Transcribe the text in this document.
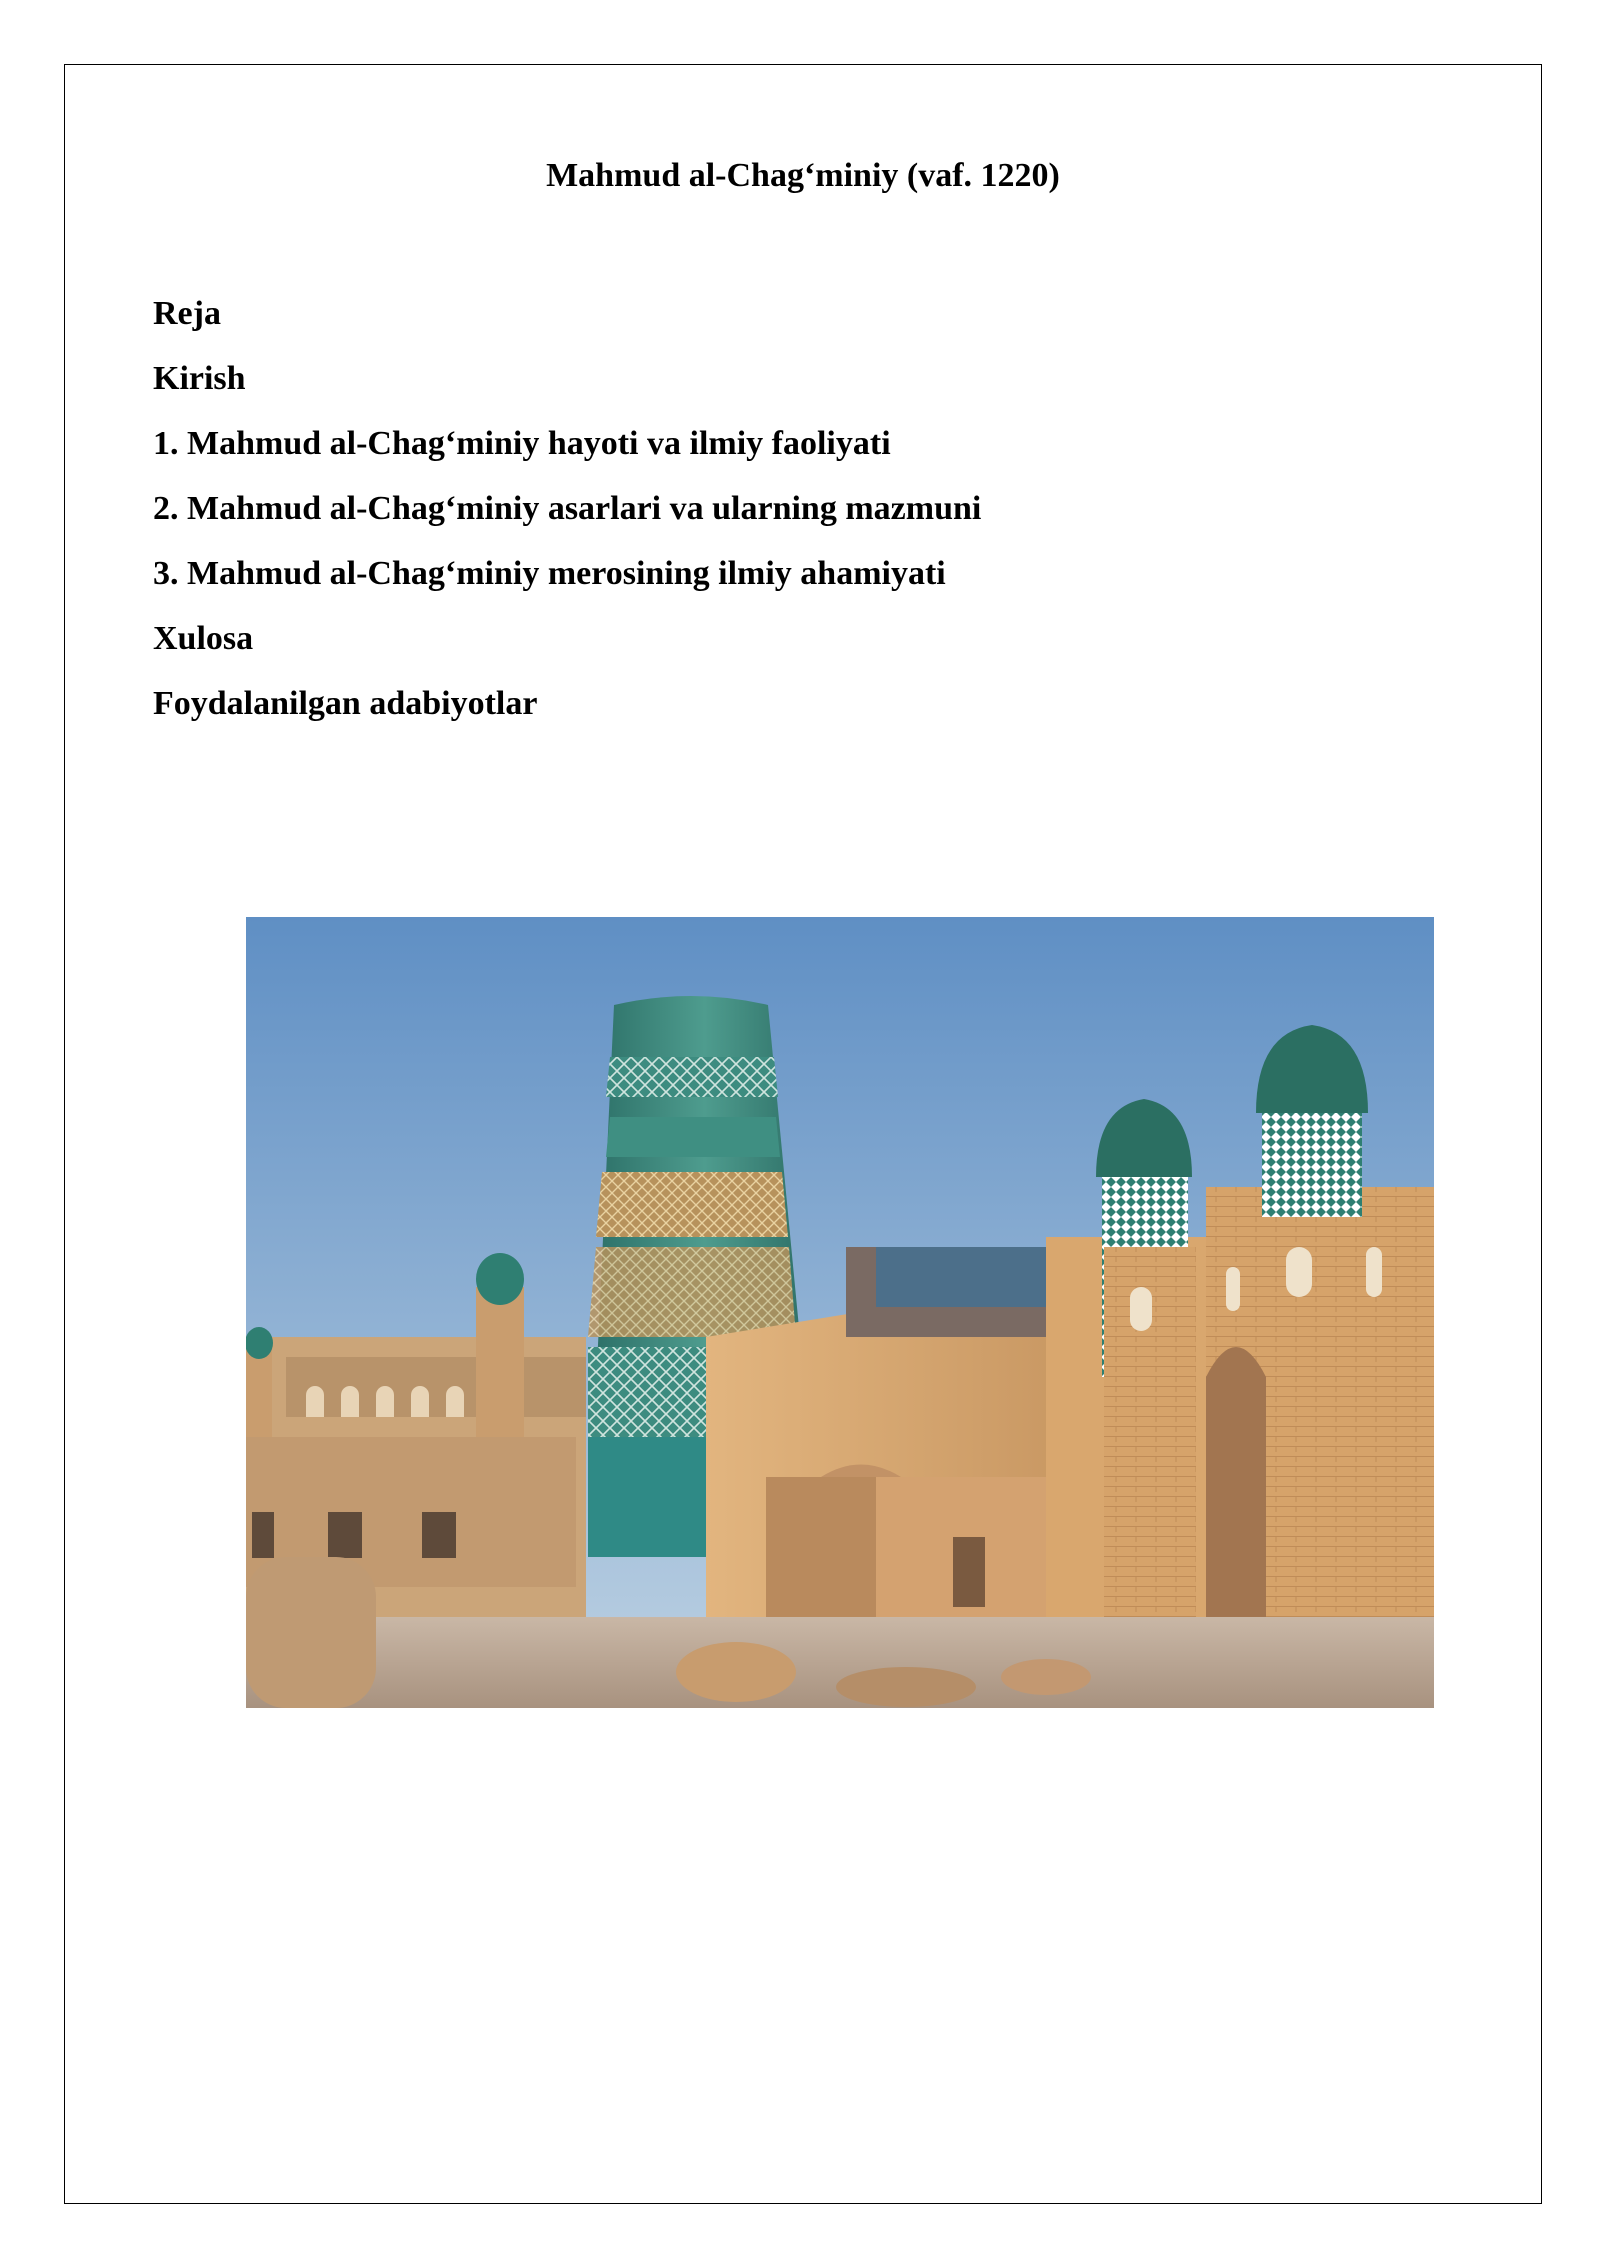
Mahmud al-Chag‘miniy (vaf. 1220)
Reja
Kirish
1. Mahmud al-Chag‘miniy hayoti va ilmiy faoliyati
2. Mahmud al-Chag‘miniy asarlari va ularning mazmuni
3. Mahmud al-Chag‘miniy merosining ilmiy ahamiyati
Xulosa
Foydalanilgan adabiyotlar
